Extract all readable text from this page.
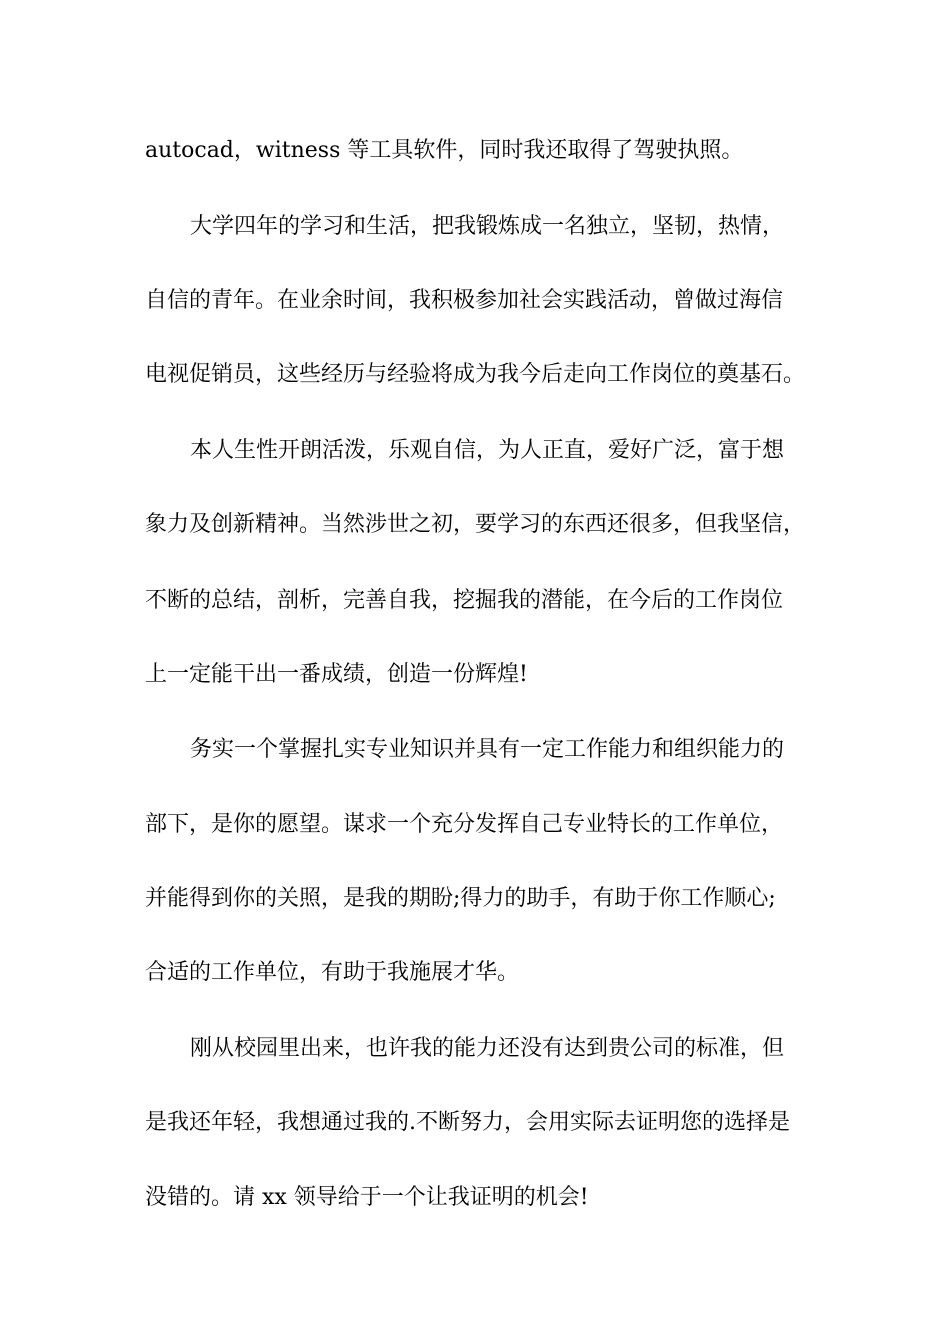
autocad，witness 等工具软件，同时我还取得了驾驶执照。
大学四年的学习和生活，把我锻炼成一名独立，坚韧，热情，
自信的青年。在业余时间，我积极参加社会实践活动，曾做过海信
电视促销员，这些经历与经验将成为我今后走向工作岗位的奠基石。
本人生性开朗活泼，乐观自信，为人正直，爱好广泛，富于想
象力及创新精神。当然涉世之初，要学习的东西还很多，但我坚信，
不断的总结，剖析，完善自我，挖掘我的潜能，在今后的工作岗位
上一定能干出一番成绩，创造一份辉煌!
务实一个掌握扎实专业知识并具有一定工作能力和组织能力的
部下，是你的愿望。谋求一个充分发挥自己专业特长的工作单位，
并能得到你的关照，是我的期盼;得力的助手，有助于你工作顺心;
合适的工作单位，有助于我施展才华。
刚从校园里出来，也许我的能力还没有达到贵公司的标准，但
是我还年轻，我想通过我的.不断努力，会用实际去证明您的选择是
没错的。请 xx 领导给于一个让我证明的机会!
